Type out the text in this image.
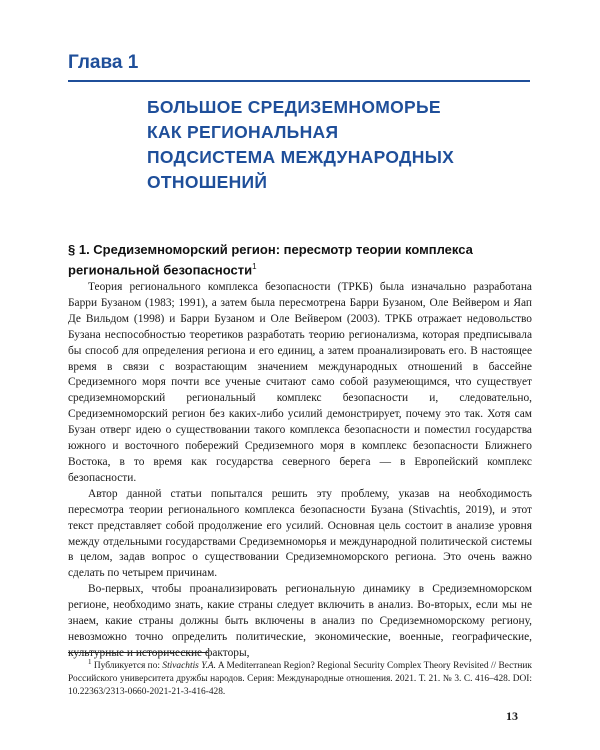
Глава 1
БОЛЬШОЕ СРЕДИЗЕМНОМОРЬЕ
КАК РЕГИОНАЛЬНАЯ
ПОДСИСТЕМА МЕЖДУНАРОДНЫХ
ОТНОШЕНИЙ
§ 1. Средиземноморский регион: пересмотр теории комплекса региональной безопасности$^1$

Теория регионального комплекса безопасности (ТРКБ) была изначально разработана Барри Бузаном (1983; 1991), а затем была пересмотрена Барри Бузаном, Оле Вейвером и Яап Де Вильдом (1998) и Барри Бузаном и Оле Вейвером (2003). ТРКБ отражает недовольство Бузана неспособностью теоретиков разработать теорию регионализма, которая предписывала бы способ для определения региона и его единиц, а затем проанализировать его. В настоящее время в связи с возрастающим значением международных отношений в бассейне Средиземного моря почти все ученые считают само собой разумеющимся, что существует средиземноморский региональный комплекс безопасности и, следовательно, Средиземноморский регион без каких-либо усилий демонстрирует, почему это так. Хотя сам Бузан отверг идею о существовании такого комплекса безопасности и поместил государства южного и восточного побережий Средиземного моря в комплекс безопасности Ближнего Востока, в то время как государства северного берега — в Европейский комплекс безопасности.

Автор данной статьи попытался решить эту проблему, указав на необходимость пересмотра теории регионального комплекса безопасности Бузана (Stivachtis, 2019), и этот текст представляет собой продолжение его усилий. Основная цель состоит в анализе уровня между отдельными государствами Средиземноморья и международной политической системы в целом, задав вопрос о существовании Средиземноморского региона. Это очень важно сделать по четырем причинам.

Во-первых, чтобы проанализировать региональную динамику в Средиземноморском регионе, необходимо знать, какие страны следует включить в анализ. Во-вторых, если мы не знаем, какие страны должны быть включены в анализ по Средиземноморскому региону, невозможно точно определить политические, экономические, военные, географические, культурные и исторические факторы,

$^1$ Публикуется по: Stivachtis Y.A. A Mediterranean Region? Regional Security Complex Theory Revisited // Вестник Российского университета дружбы народов. Серия: Международные отношения. 2021. Т. 21. № 3. С. 416–428. DOI: 10.22363/2313-0660-2021-21-3-416-428.

13
